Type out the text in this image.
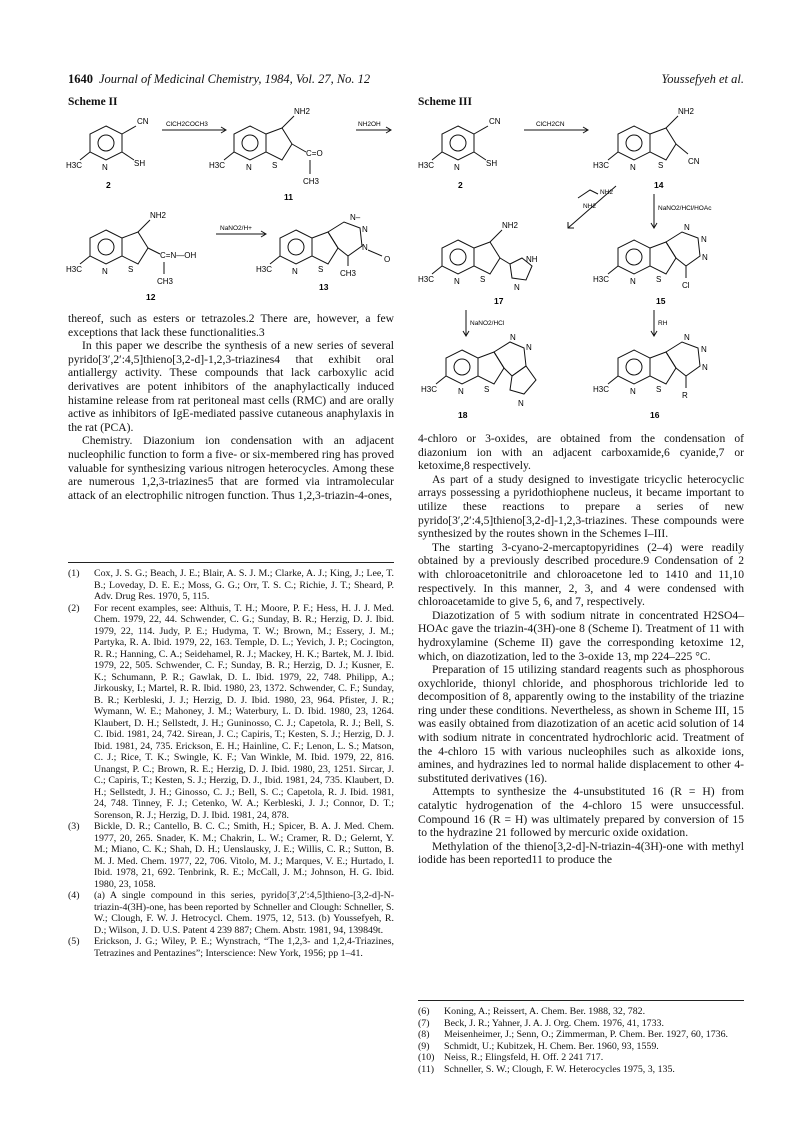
1640 Journal of Medicinal Chemistry, 1984, Vol. 27, No. 12	Youssefyeh et al.
Scheme II	Scheme III
CN
SH
N
H3C
2
ClCH2COCH3
NH2
C=O
CH3
N	S
H3C
11
NH2OH
NH2
C=N—OH
CH3
N	S
H3C
12
NaNO2/H+
N–
N
N
O
CH3
H3C N	S
13
CN
SH
N
H3C
2
ClCH2CN
NH2
CN
N	S
H3C
14
NH2
NH2	NaNO2/HCl/HOAc
NH2
NH
N
N	S
H3C
17
N
N
N
Cl
N	S
H3C
15
NaNO2/HCl	RH
N
N
N
S
N
H3C
18
N
N
N
R
N	S
H3C
16

thereof, such as esters or tetrazoles.2 There are, however, a few exceptions that lack these functionalities.3

In this paper we describe the synthesis of a new series of several pyrido[3′,2′:4,5]thieno[3,2-d]-1,2,3-triazines4 that exhibit oral antiallergy activity. These compounds that lack carboxylic acid derivatives are potent inhibitors of the anaphylactically induced histamine release from rat peritoneal mast cells (RMC) and are orally active as inhibitors of IgE-mediated passive cutaneous anaphylaxis in the rat (PCA).

Chemistry. Diazonium ion condensation with an adjacent nucleophilic function to form a five- or six-membered ring has proved valuable for synthesizing various nitrogen heterocycles. Among these are numerous 1,2,3-triazines5 that are formed via intramolecular attack of an electrophilic nitrogen function. Thus 1,2,3-triazin-4-ones,

(1) Cox, J. S. G.; Beach, J. E.; Blair, A. S. J. M.; Clarke, A. J.; King, J.; Lee, T. B.; Loveday, D. E. E.; Moss, G. G.; Orr, T. S. C.; Richie, J. T.; Sheard, P. Adv. Drug Res. 1970, 5, 115.
(2) For recent examples, see: Althuis, T. H.; Moore, P. F.; Hess, H. J. J. Med. Chem. 1979, 22, 44. Schwender, C. G.; Sunday, B. R.; Herzig, D. J. Ibid. 1979, 22, 114. Judy, P. E.; Hudyma, T. W.; Brown, M.; Essery, J. M.; Partyka, R. A. Ibid. 1979, 22, 163. Temple, D. L.; Yevich, J. P.; Cocington, R. R.; Hanning, C. A.; Seidehamel, R. J.; Mackey, H. K.; Bartek, M. J. Ibid. 1979, 22, 505. Schwender, C. F.; Sunday, B. R.; Herzig, D. J.; Kusner, E. K.; Schumann, P. R.; Gawlak, D. L. Ibid. 1979, 22, 748. Philipp, A.; Jirkousky, I.; Martel, R. R. Ibid. 1980, 23, 1372. Schwender, C. F.; Sunday, B. R.; Kerbleski, J. J.; Herzig, D. J. Ibid. 1980, 23, 964. Pfister, J. R.; Wymann, W. E.; Mahoney, J. M.; Waterbury, L. D. Ibid. 1980, 23, 1264. Klaubert, D. H.; Sellstedt, J. H.; Guninosso, C. J.; Capetola, R. J.; Bell, S. C. Ibid. 1981, 24, 742. Sirean, J. C.; Capiris, T.; Kesten, S. J.; Herzig, D. J. Ibid. 1981, 24, 735. Erickson, E. H.; Hainline, C. F.; Lenon, L. S.; Matson, C. J.; Rice, T. K.; Swingle, K. F.; Van Winkle, M. Ibid. 1979, 22, 816. Unangst, P. C.; Brown, R. E.; Herzig, D. J. Ibid. 1980, 23, 1251. Sircar, J. C.; Capiris, T.; Kesten, S. J.; Herzig, D. J., Ibid. 1981, 24, 735. Klaubert, D. H.; Sellstedt, J. H.; Ginosso, C. J.; Bell, S. C.; Capetola, R. J. Ibid. 1981, 24, 748. Tinney, F. J.; Cetenko, W. A.; Kerbleski, J. J.; Connor, D. T.; Sorenson, R. J.; Herzig, D. J. Ibid. 1981, 24, 878.
(3) Bickle, D. R.; Cantello, B. C. C.; Smith, H.; Spicer, B. A. J. Med. Chem. 1977, 20, 265. Snader, K. M.; Chakrin, L. W.; Cramer, R. D.; Gelernt, Y. M.; Miano, C. K.; Shah, D. H.; Uenslausky, J. E.; Willis, C. R.; Sutton, B. M. J. Med. Chem. 1977, 22, 706. Vitolo, M. J.; Marques, V. E.; Hurtado, I. Ibid. 1978, 21, 692. Tenbrink, R. E.; McCall, J. M.; Johnson, H. G. Ibid. 1980, 23, 1058.
(4) (a) A single compound in this series, pyrido[3′,2′:4,5]thieno-[3,2-d]-N-triazin-4(3H)-one, has been reported by Schneller and Clough: Schneller, S. W.; Clough, F. W. J. Hetrocycl. Chem. 1975, 12, 513. (b) Youssefyeh, R. D.; Wilson, J. D. U.S. Patent 4 239 887; Chem. Abstr. 1981, 94, 139849t.
(5) Erickson, J. G.; Wiley, P. E.; Wynstrach, “The 1,2,3- and 1,2,4-Triazines, Tetrazines and Pentazines”; Interscience: New York, 1956; pp 1–41.

4-chloro or 3-oxides, are obtained from the condensation of diazonium ion with an adjacent carboxamide,6 cyanide,7 or ketoxime,8 respectively.

As part of a study designed to investigate tricyclic heterocyclic arrays possessing a pyridothiophene nucleus, it became important to utilize these reactions to prepare a series of new pyrido[3′,2′:4,5]thieno[3,2-d]-1,2,3-triazines. These compounds were synthesized by the routes shown in the Schemes I–III.

The starting 3-cyano-2-mercaptopyridines (2–4) were readily obtained by a previously described procedure.9 Condensation of 2 with chloroacetonitrile and chloroacetone led to 1410 and 11,10 respectively. In this manner, 2, 3, and 4 were condensed with chloroacetamide to give 5, 6, and 7, respectively.

Diazotization of 5 with sodium nitrate in concentrated H2SO4–HOAc gave the triazin-4(3H)-one 8 (Scheme I). Treatment of 11 with hydroxylamine (Scheme II) gave the corresponding ketoxime 12, which, on diazotization, led to the 3-oxide 13, mp 224–225 °C.

Preparation of 15 utilizing standard reagents such as phosphorous oxychloride, thionyl chloride, and phosphorous trichloride led to decomposition of 8, apparently owing to the instability of the triazine ring under these conditions. Nevertheless, as shown in Scheme III, 15 was easily obtained from diazotization of an acetic acid solution of 14 with sodium nitrate in concentrated hydrochloric acid. Treatment of the 4-chloro 15 with various nucleophiles such as alkoxide ions, amines, and hydrazines led to normal halide displacement to other 4-substituted derivatives (16).

Attempts to synthesize the 4-unsubstituted 16 (R = H) from catalytic hydrogenation of the 4-chloro 15 were unsuccessful. Compound 16 (R = H) was ultimately prepared by conversion of 15 to the hydrazine 21 followed by mercuric oxide oxidation.

Methylation of the thieno[3,2-d]-N-triazin-4(3H)-one with methyl iodide has been reported11 to produce the

(6) Koning, A.; Reissert, A. Chem. Ber. 1988, 32, 782.
(7) Beck, J. R.; Yahner, J. A. J. Org. Chem. 1976, 41, 1733.
(8) Meisenheimer, J.; Senn, O.; Zimmerman, P. Chem. Ber. 1927, 60, 1736.
(9) Schmidt, U.; Kubitzek, H. Chem. Ber. 1960, 93, 1559.
(10) Neiss, R.; Elingsfeld, H. Off. 2 241 717.
(11) Schneller, S. W.; Clough, F. W. Heterocycles 1975, 3, 135.
